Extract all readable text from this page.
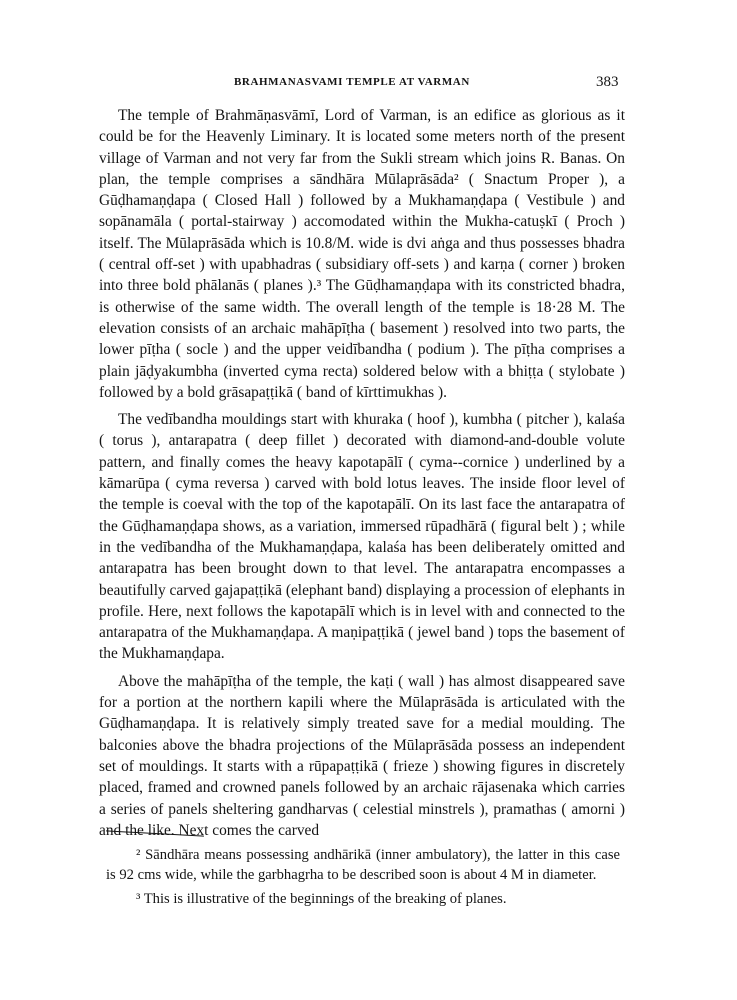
BRAHMANASVAMI TEMPLE AT VARMAN	383

The temple of Brahmāṇasvāmī, Lord of Varman, is an edifice as glorious as it could be for the Heavenly Liminary. It is located some meters north of the present village of Varman and not very far from the Sukli stream which joins R. Banas. On plan, the temple comprises a sāndhāra Mūlaprāsāda² ( Snactum Proper ), a Gūḍhamaṇḍapa ( Closed Hall ) followed by a Mukhamaṇḍapa ( Vestibule ) and sopānamāla ( portal-stairway ) accomodated within the Mukha-catuṣkī ( Proch ) itself. The Mūlaprāsāda which is 10.8/M. wide is dvi aṅga and thus possesses bhadra ( central off-set ) with upabhadras ( subsidiary off-sets ) and karṇa ( corner ) broken into three bold phālanās ( planes ).³ The Gūḍhamaṇḍapa with its constricted bhadra, is otherwise of the same width. The overall length of the temple is 18·28 M. The elevation consists of an archaic mahāpīṭha ( basement ) resolved into two parts, the lower pīṭha ( socle ) and the upper veidībandha ( podium ). The pīṭha comprises a plain jāḍyakumbha (inverted cyma recta) soldered below with a bhiṭṭa ( stylobate ) followed by a bold grāsapaṭṭikā ( band of kīrttimukhas ).

The vedībandha mouldings start with khuraka ( hoof ), kumbha ( pitcher ), kalaśa ( torus ), antarapatra ( deep fillet ) decorated with diamond-and-double volute pattern, and finally comes the heavy kapotapālī ( cyma--cornice ) underlined by a kāmarūpa ( cyma reversa ) carved with bold lotus leaves. The inside floor level of the temple is coeval with the top of the kapotapālī. On its last face the antarapatra of the Gūḍhamaṇḍapa shows, as a variation, immersed rūpadhārā ( figural belt ) ; while in the vedībandha of the Mukhamaṇḍapa, kalaśa has been deliberately omitted and antarapatra has been brought down to that level. The antarapatra encompasses a beautifully carved gajapaṭṭikā (elephant band) displaying a procession of elephants in profile. Here, next follows the kapotapālī which is in level with and connected to the antarapatra of the Mukhamaṇḍapa. A maṇipaṭṭikā ( jewel band ) tops the basement of the Mukhamaṇḍapa.

Above the mahāpīṭha of the temple, the kaṭi ( wall ) has almost disappeared save for a portion at the northern kapili where the Mūlaprāsāda is articulated with the Gūḍhamaṇḍapa. It is relatively simply treated save for a medial moulding. The balconies above the bhadra projections of the Mūlaprāsāda possess an independent set of mouldings. It starts with a rūpapaṭṭikā ( frieze ) showing figures in discretely placed, framed and crowned panels followed by an archaic rājasenaka which carries a series of panels sheltering gandharvas ( celestial minstrels ), pramathas ( amorni ) and the like. Next comes the carved

² Sāndhāra means possessing andhārikā (inner ambulatory), the latter in this case is 92 cms wide, while the garbhagrha to be described soon is about 4 M in diameter.

³ This is illustrative of the beginnings of the breaking of planes.
